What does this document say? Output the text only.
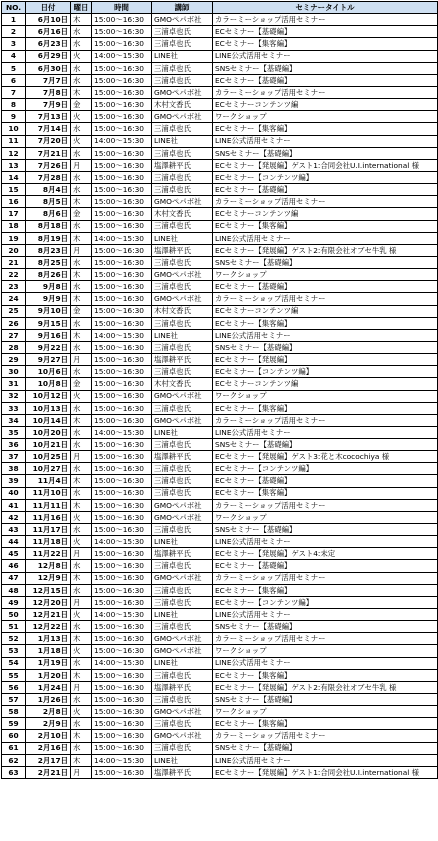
NO.	日付	曜日	時間	講師	セミナータイトル
1	6月10日	木	15:00～16:30	GMOペパボ社	カラーミーショップ活用セミナー
2	6月16日	水	15:00～16:30	三浦卓也氏	ECセミナー【基礎編】
3	6月23日	水	15:00～16:30	三浦卓也氏	ECセミナー【集客編】
4	6月29日	火	14:00～15:30	LINE社	LINE公式活用セミナー
5	6月30日	水	15:00～16:30	三浦卓也氏	SNSセミナー【基礎編】
6	7月7日	水	15:00～16:30	三浦卓也氏	ECセミナー【基礎編】
7	7月8日	木	15:00～16:30	GMOペパボ社	カラーミーショップ活用セミナー
8	7月9日	金	15:00～16:30	木村文香氏	ECセミナーコンテンツ編
9	7月13日	火	15:00～16:30	GMOペパボ社	ワークショップ
10	7月14日	水	15:00～16:30	三浦卓也氏	ECセミナー【集客編】
11	7月20日	火	14:00～15:30	LINE社	LINE公式活用セミナー
12	7月21日	水	15:00～16:30	三浦卓也氏	SNSセミナー【基礎編】
13	7月26日	月	15:00～16:30	塩澤耕平氏	ECセミナー【発展編】ゲスト1:合同会社U.I.international 様
14	7月28日	水	15:00～16:30	三浦卓也氏	ECセミナー【コンテンツ編】
15	8月4日	水	15:00～16:30	三浦卓也氏	ECセミナー【基礎編】
16	8月5日	木	15:00～16:30	GMOペパボ社	カラーミーショップ活用セミナー
17	8月6日	金	15:00～16:30	木村文香氏	ECセミナーコンテンツ編
18	8月18日	水	15:00～16:30	三浦卓也氏	ECセミナー【集客編】
19	8月19日	木	14:00～15:30	LINE社	LINE公式活用セミナー
20	8月23日	月	15:00～16:30	塩澤耕平氏	ECセミナー【発展編】ゲスト2:有限会社オブセ牛乳 様
21	8月25日	水	15:00～16:30	三浦卓也氏	SNSセミナー【基礎編】
22	8月26日	木	15:00～16:30	GMOペパボ社	ワークショップ
23	9月8日	水	15:00～16:30	三浦卓也氏	ECセミナー【基礎編】
24	9月9日	木	15:00～16:30	GMOペパボ社	カラーミーショップ活用セミナー
25	9月10日	金	15:00～16:30	木村文香氏	ECセミナーコンテンツ編
26	9月15日	水	15:00～16:30	三浦卓也氏	ECセミナー【集客編】
27	9月16日	木	14:00～15:30	LINE社	LINE公式活用セミナー
28	9月22日	水	15:00～16:30	三浦卓也氏	SNSセミナー【基礎編】
29	9月27日	月	15:00～16:30	塩澤耕平氏	ECセミナー【発展編】
30	10月6日	水	15:00～16:30	三浦卓也氏	ECセミナー【コンテンツ編】
31	10月8日	金	15:00～16:30	木村文香氏	ECセミナーコンテンツ編
32	10月12日	火	15:00～16:30	GMOペパボ社	ワークショップ
33	10月13日	水	15:00～16:30	三浦卓也氏	ECセミナー【集客編】
34	10月14日	木	15:00～16:30	GMOペパボ社	カラーミーショップ活用セミナー
35	10月20日	水	14:00～15:30	LINE社	LINE公式活用セミナー
36	10月21日	水	15:00～16:30	三浦卓也氏	SNSセミナー【基礎編】
37	10月25日	月	15:00～16:30	塩澤耕平氏	ECセミナー【発展編】ゲスト3:花と木cocochiya 様
38	10月27日	水	15:00～16:30	三浦卓也氏	ECセミナー【コンテンツ編】
39	11月4日	木	15:00～16:30	三浦卓也氏	ECセミナー【基礎編】
40	11月10日	水	15:00～16:30	三浦卓也氏	ECセミナー【集客編】
41	11月11日	木	15:00～16:30	GMOペパボ社	カラーミーショップ活用セミナー
42	11月16日	火	15:00～16:30	GMOペパボ社	ワークショップ
43	11月17日	水	15:00～16:30	三浦卓也氏	SNSセミナー【基礎編】
44	11月18日	火	14:00～15:30	LINE社	LINE公式活用セミナー
45	11月22日	月	15:00～16:30	塩澤耕平氏	ECセミナー【発展編】ゲスト4:未定
46	12月8日	水	15:00～16:30	三浦卓也氏	ECセミナー【基礎編】
47	12月9日	木	15:00～16:30	GMOペパボ社	カラーミーショップ活用セミナー
48	12月15日	水	15:00～16:30	三浦卓也氏	ECセミナー【集客編】
49	12月20日	月	15:00～16:30	三浦卓也氏	ECセミナー【コンテンツ編】
50	12月21日	火	14:00～15:30	LINE社	LINE公式活用セミナー
51	12月22日	水	15:00～16:30	三浦卓也氏	SNSセミナー【基礎編】
52	1月13日	木	15:00～16:30	GMOペパボ社	カラーミーショップ活用セミナー
53	1月18日	火	15:00～16:30	GMOペパボ社	ワークショップ
54	1月19日	水	14:00～15:30	LINE社	LINE公式活用セミナー
55	1月20日	木	15:00～16:30	三浦卓也氏	ECセミナー【集客編】
56	1月24日	月	15:00～16:30	塩澤耕平氏	ECセミナー【発展編】ゲスト2:有限会社オブセ牛乳 様
57	1月26日	水	15:00～16:30	三浦卓也氏	SNSセミナー【基礎編】
58	2月8日	火	15:00～16:30	GMOペパボ社	ワークショップ
59	2月9日	水	15:00～16:30	三浦卓也氏	ECセミナー【集客編】
60	2月10日	木	15:00～16:30	GMOペパボ社	カラーミーショップ活用セミナー
61	2月16日	水	15:00～16:30	三浦卓也氏	SNSセミナー【基礎編】
62	2月17日	木	14:00～15:30	LINE社	LINE公式活用セミナー
63	2月21日	月	15:00～16:30	塩澤耕平氏	ECセミナー【発展編】ゲスト1:合同会社U.I.international 様
